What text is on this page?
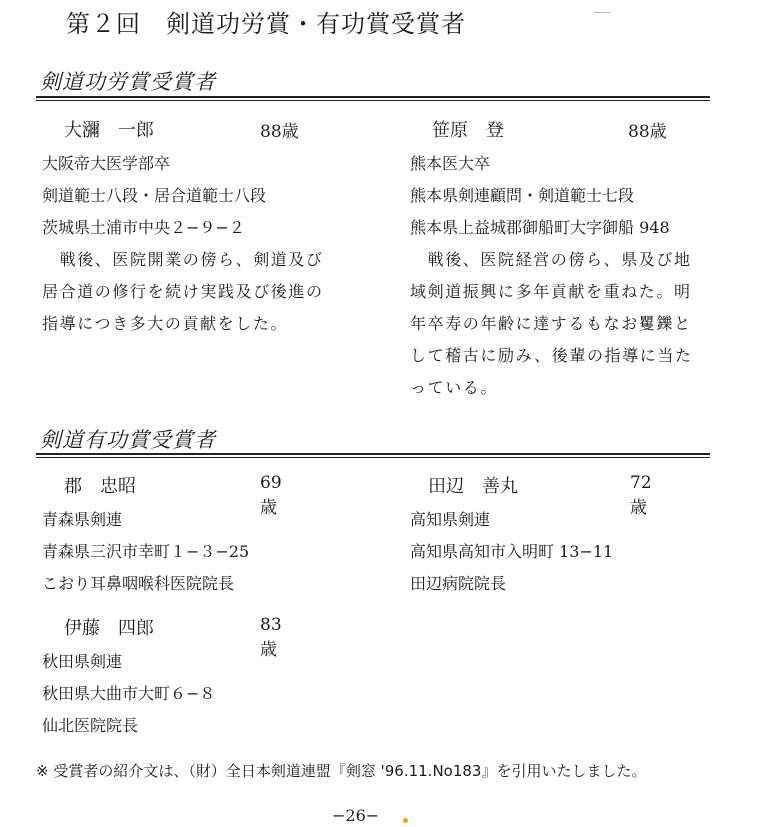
第２回　剣道功労賞・有功賞受賞者
剣道功労賞受賞者
大瀰　一郎	88歳
大阪帝大医学部卒
剣道範士八段・居合道範士八段
茨城県土浦市中央２−９−２
　戦後、医院開業の傍ら、剣道及び
居合道の修行を続け実践及び後進の
指導につき多大の貢献をした。
笹原　登	88歳
熊本医大卒
熊本県剣連顧問・剣道範士七段
熊本県上益城郡御船町大字御船 948
　戦後、医院経営の傍ら、県及び地
域剣道振興に多年貢献を重ねた。明
年卒寿の年齢に達するもなお矍鑠と
して稽古に励み、後輩の指導に当た
っている。
剣道有功賞受賞者
郡　忠昭	69歳
青森県剣連
青森県三沢市幸町１−３−25
こおり耳鼻咽喉科医院院長
田辺　善丸	72歳
高知県剣連
高知県高知市入明町 13−11
田辺病院院長
伊藤　四郎	83歳
秋田県剣連
秋田県大曲市大町６−８
仙北医院院長
※ 受賞者の紹介文は、（財）全日本剣道連盟『剣窓 '96.11.No183』を引用いたしました。
−26−
